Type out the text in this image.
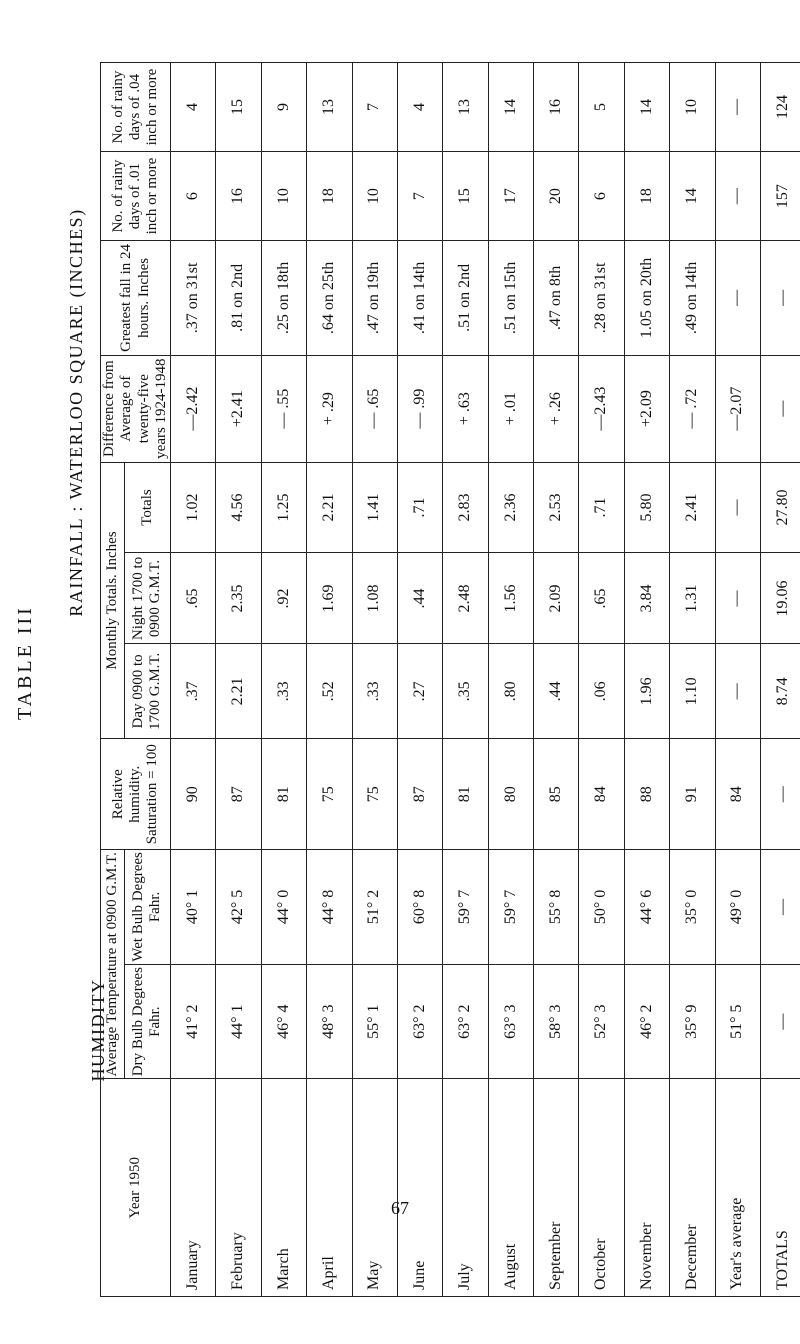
TABLE III
RAINFALL : WATERLOO SQUARE (INCHES)
HUMIDITY
Year 1950	Average Temperature at 0900 G.M.T.		Relative humidity. Saturation = 100	Monthly Totals. Inches			Difference from Average of twenty-five years 1924-1948	Greatest fall in 24 hours. Inches	No. of rainy days of .01 inch or more	No. of rainy days of .04 inch or more
	Dry Bulb Degrees Fahr.	Wet Bulb Degrees Fahr.		Day 0900 to 1700 G.M.T.	Night 1700 to 0900 G.M.T.	Totals				
January	41° 2	40° 1	90	.37	.65	1.02	—2.42	.37 on 31st	6	4
February	44° 1	42° 5	87	2.21	2.35	4.56	+2.41	.81 on 2nd	16	15
March	46° 4	44° 0	81	.33	.92	1.25	— .55	.25 on 18th	10	9
April	48° 3	44° 8	75	.52	1.69	2.21	+ .29	.64 on 25th	18	13
May	55° 1	51° 2	75	.33	1.08	1.41	— .65	.47 on 19th	10	7
June	63° 2	60° 8	87	.27	.44	.71	— .99	.41 on 14th	7	4
July	63° 2	59° 7	81	.35	2.48	2.83	+ .63	.51 on 2nd	15	13
August	63° 3	59° 7	80	.80	1.56	2.36	+ .01	.51 on 15th	17	14
September	58° 3	55° 8	85	.44	2.09	2.53	+ .26	.47 on 8th	20	16
October	52° 3	50° 0	84	.06	.65	.71	—2.43	.28 on 31st	6	5
November	46° 2	44° 6	88	1.96	3.84	5.80	+2.09	1.05 on 20th	18	14
December	35° 9	35° 0	91	1.10	1.31	2.41	— .72	.49 on 14th	14	10
Year's average	51° 5	49° 0	84	—	—	—	—2.07	—	—	—
TOTALS	—	—	—	8.74	19.06	27.80	—	—	157	124
67
